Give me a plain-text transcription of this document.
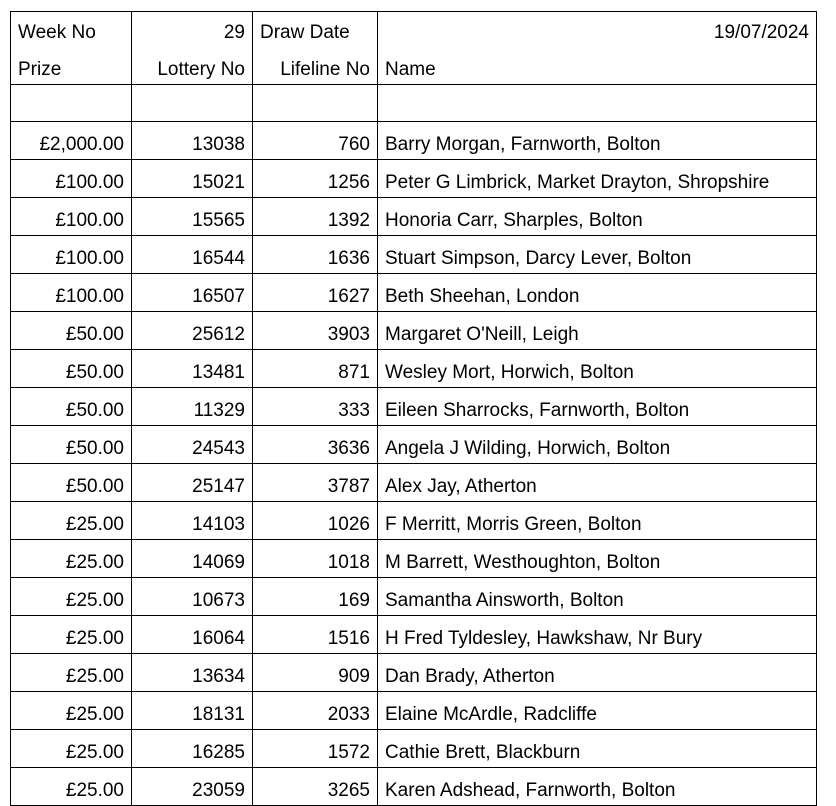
Week No	29	Draw Date	19/07/2024
Prize	Lottery No	Lifeline No	Name

£2,000.00	13038	760	Barry Morgan, Farnworth, Bolton
£100.00	15021	1256	Peter G Limbrick, Market Drayton, Shropshire
£100.00	15565	1392	Honoria Carr, Sharples, Bolton
£100.00	16544	1636	Stuart Simpson, Darcy Lever, Bolton
£100.00	16507	1627	Beth Sheehan, London
£50.00	25612	3903	Margaret O'Neill, Leigh
£50.00	13481	871	Wesley Mort, Horwich, Bolton
£50.00	11329	333	Eileen Sharrocks, Farnworth, Bolton
£50.00	24543	3636	Angela J Wilding, Horwich, Bolton
£50.00	25147	3787	Alex Jay, Atherton
£25.00	14103	1026	F Merritt, Morris Green, Bolton
£25.00	14069	1018	M Barrett, Westhoughton, Bolton
£25.00	10673	169	Samantha Ainsworth, Bolton
£25.00	16064	1516	H Fred Tyldesley, Hawkshaw, Nr Bury
£25.00	13634	909	Dan Brady, Atherton
£25.00	18131	2033	Elaine McArdle, Radcliffe
£25.00	16285	1572	Cathie Brett, Blackburn
£25.00	23059	3265	Karen Adshead, Farnworth, Bolton
